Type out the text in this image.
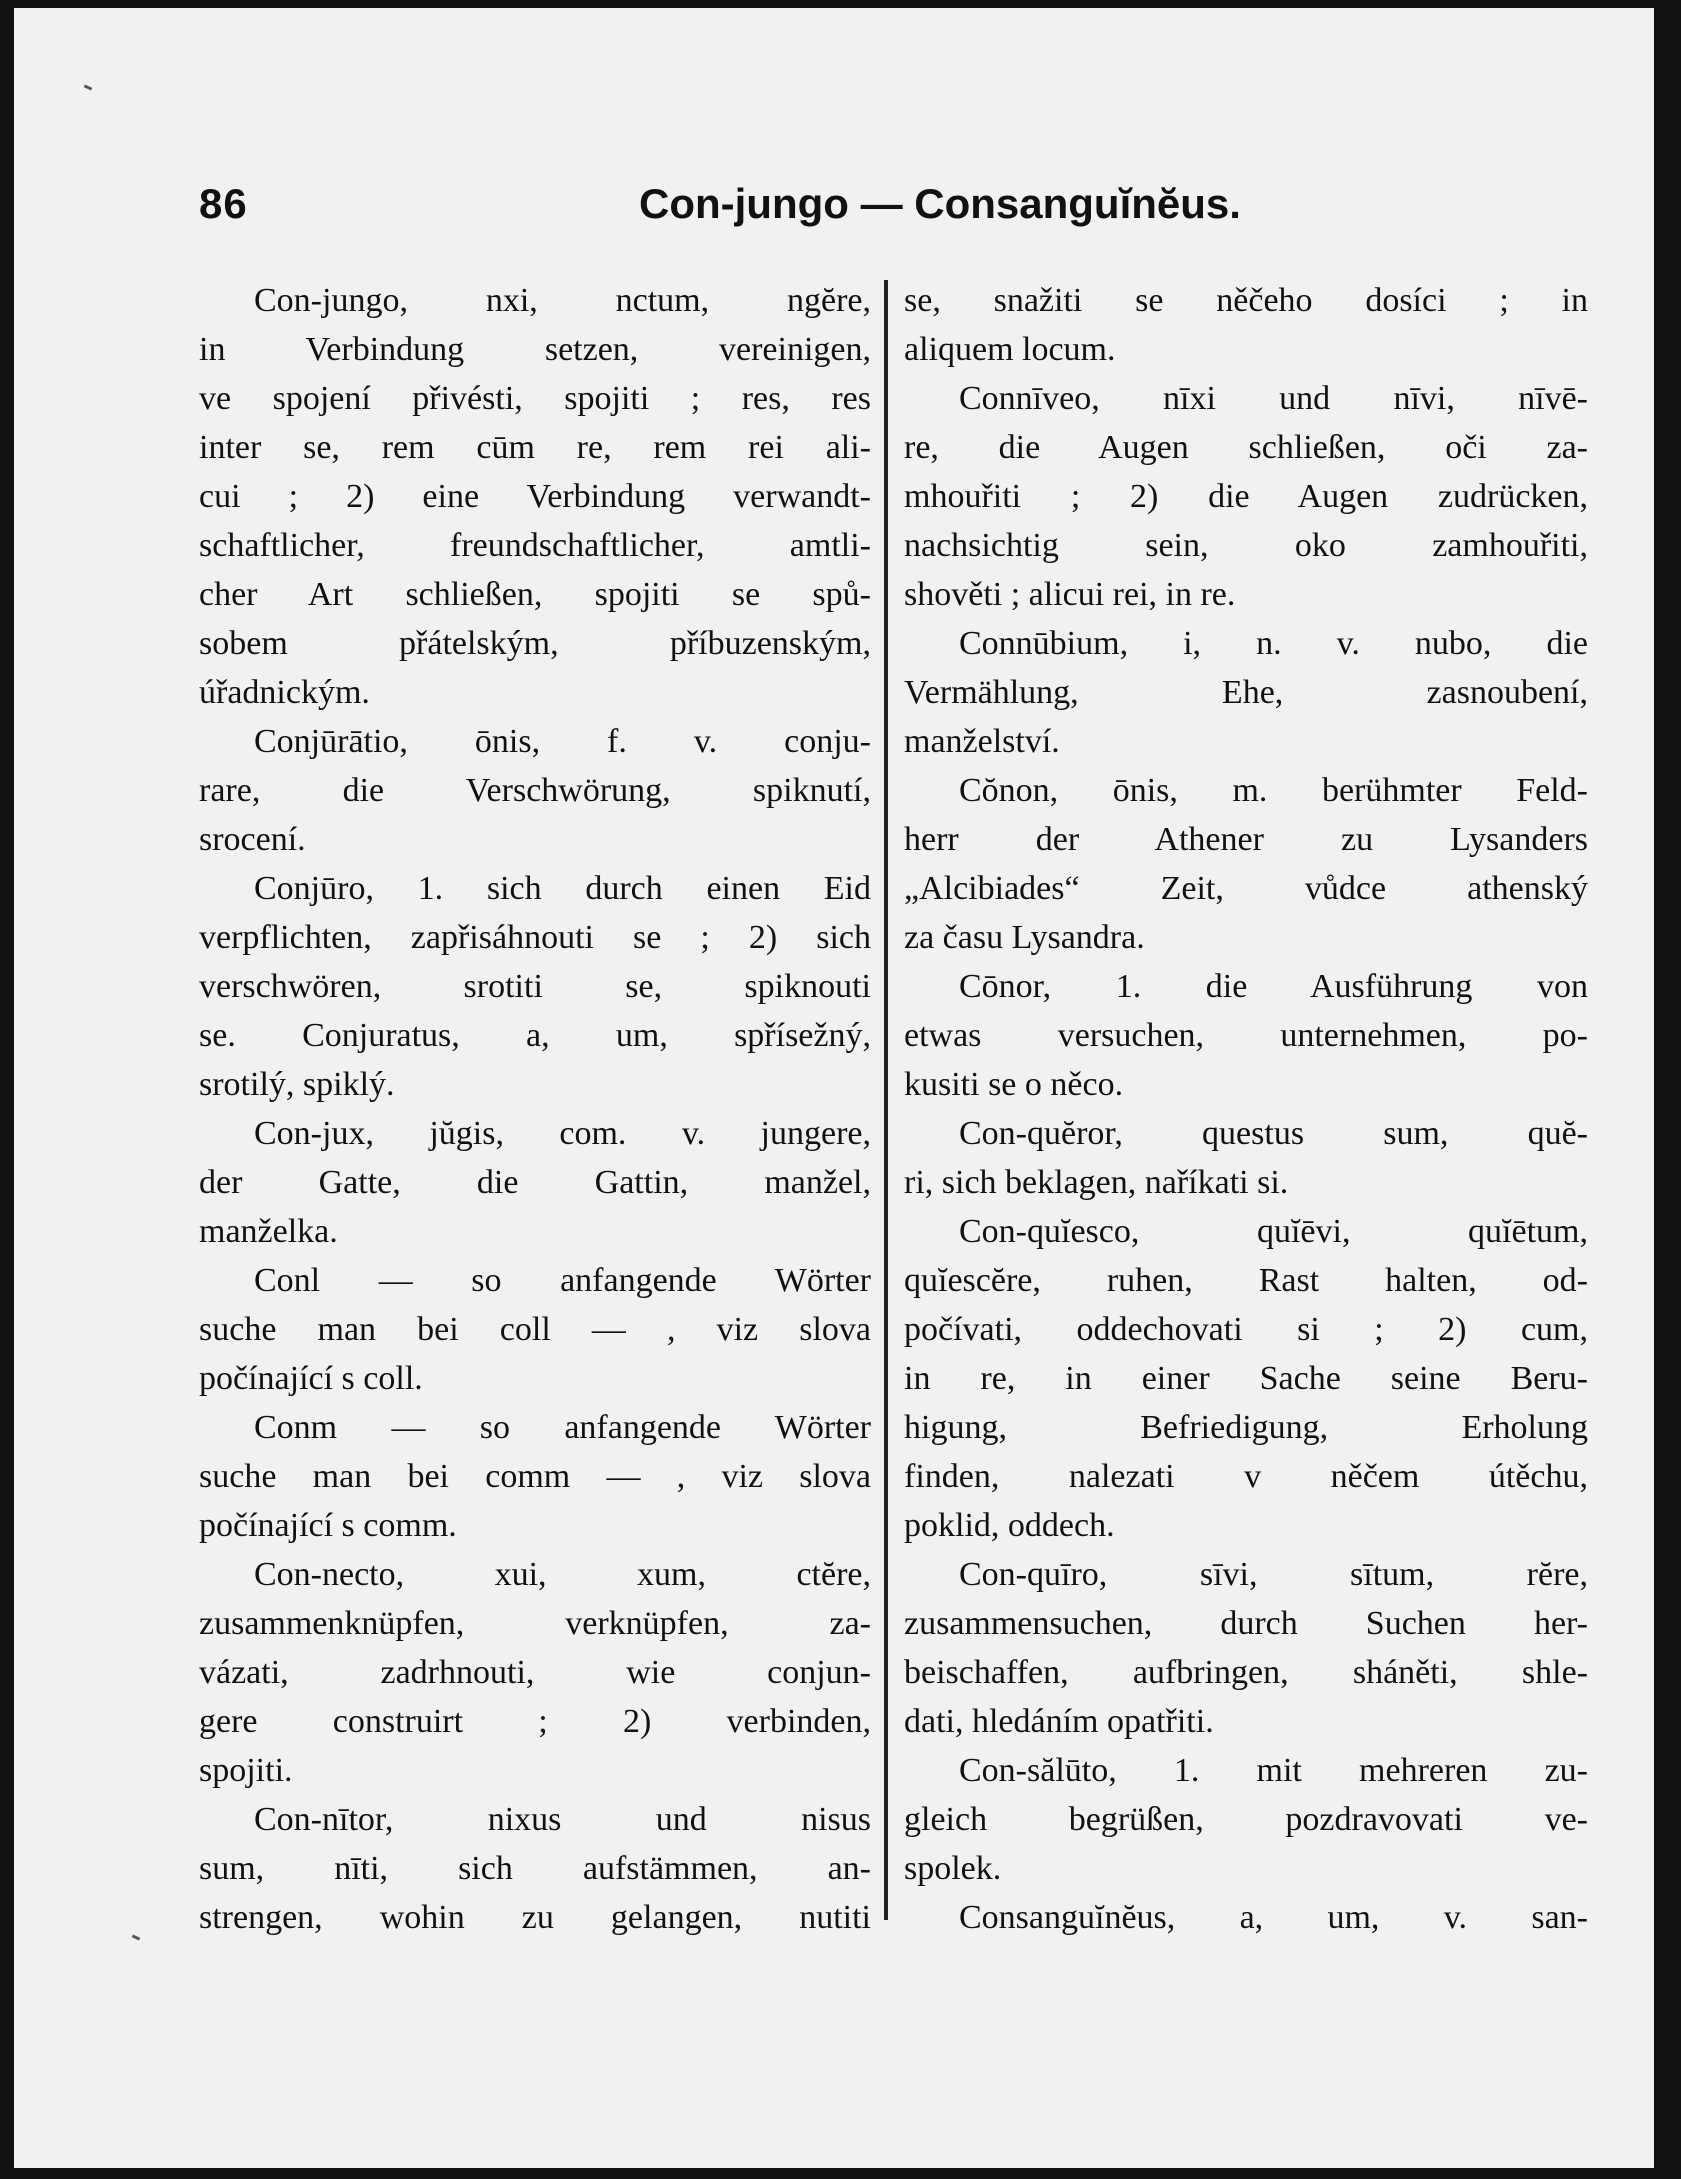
86	Con-jungo — Consanguĭnĕus.
Con-jungo, nxi, nctum, ngĕre,
in Verbindung setzen, vereinigen,
ve spojení přivésti, spojiti ; res, res
inter se, rem cūm re, rem rei ali-
cui ; 2) eine Verbindung verwandt-
schaftlicher, freundschaftlicher, amtli-
cher Art schließen, spojiti se spů-
sobem přátelským, příbuzenským,
úřadnickým.
Conjūrātio, ōnis, f. v. conju-
rare, die Verschwörung, spiknutí,
srocení.
Conjūro, 1. sich durch einen Eid
verpflichten, zapřisáhnouti se ; 2) sich
verschwören, srotiti se, spiknouti
se. Conjuratus, a, um, spřísežný,
srotilý, spiklý.
Con-jux, jŭgis, com. v. jungere,
der Gatte, die Gattin, manžel,
manželka.
Conl — so anfangende Wörter
suche man bei coll — , viz slova
počínající s coll.
Conm — so anfangende Wörter
suche man bei comm — , viz slova
počínající s comm.
Con-necto, xui, xum, ctĕre,
zusammenknüpfen, verknüpfen, za-
vázati, zadrhnouti, wie conjun-
gere construirt ; 2) verbinden,
spojiti.
Con-nītor, nixus und nisus
sum, nīti, sich aufstämmen, an-
strengen, wohin zu gelangen, nutiti
se, snažiti se něčeho dosíci ; in
aliquem locum.
Connīveo, nīxi und nīvi, nīvē-
re, die Augen schließen, oči za-
mhouřiti ; 2) die Augen zudrücken,
nachsichtig sein, oko zamhouřiti,
shověti ; alicui rei, in re.
Connūbium, i, n. v. nubo, die
Vermählung, Ehe, zasnoubení,
manželství.
Cŏnon, ōnis, m. berühmter Feld-
herr der Athener zu Lysanders
„Alcibiades“ Zeit, vůdce athenský
za času Lysandra.
Cōnor, 1. die Ausführung von
etwas versuchen, unternehmen, po-
kusiti se o něco.
Con-quĕror, questus sum, quĕ-
ri, sich beklagen, naříkati si.
Con-quĭesco, quĭēvi, quĭētum,
quĭescĕre, ruhen, Rast halten, od-
počívati, oddechovati si ; 2) cum,
in re, in einer Sache seine Beru-
higung, Befriedigung, Erholung
finden, nalezati v něčem útěchu,
poklid, oddech.
Con-quīro, sīvi, sītum, rĕre,
zusammensuchen, durch Suchen her-
beischaffen, aufbringen, sháněti, shle-
dati, hledáním opatřiti.
Con-sălūto, 1. mit mehreren zu-
gleich begrüßen, pozdravovati ve-
spolek.
Consanguĭnĕus, a, um, v. san-
